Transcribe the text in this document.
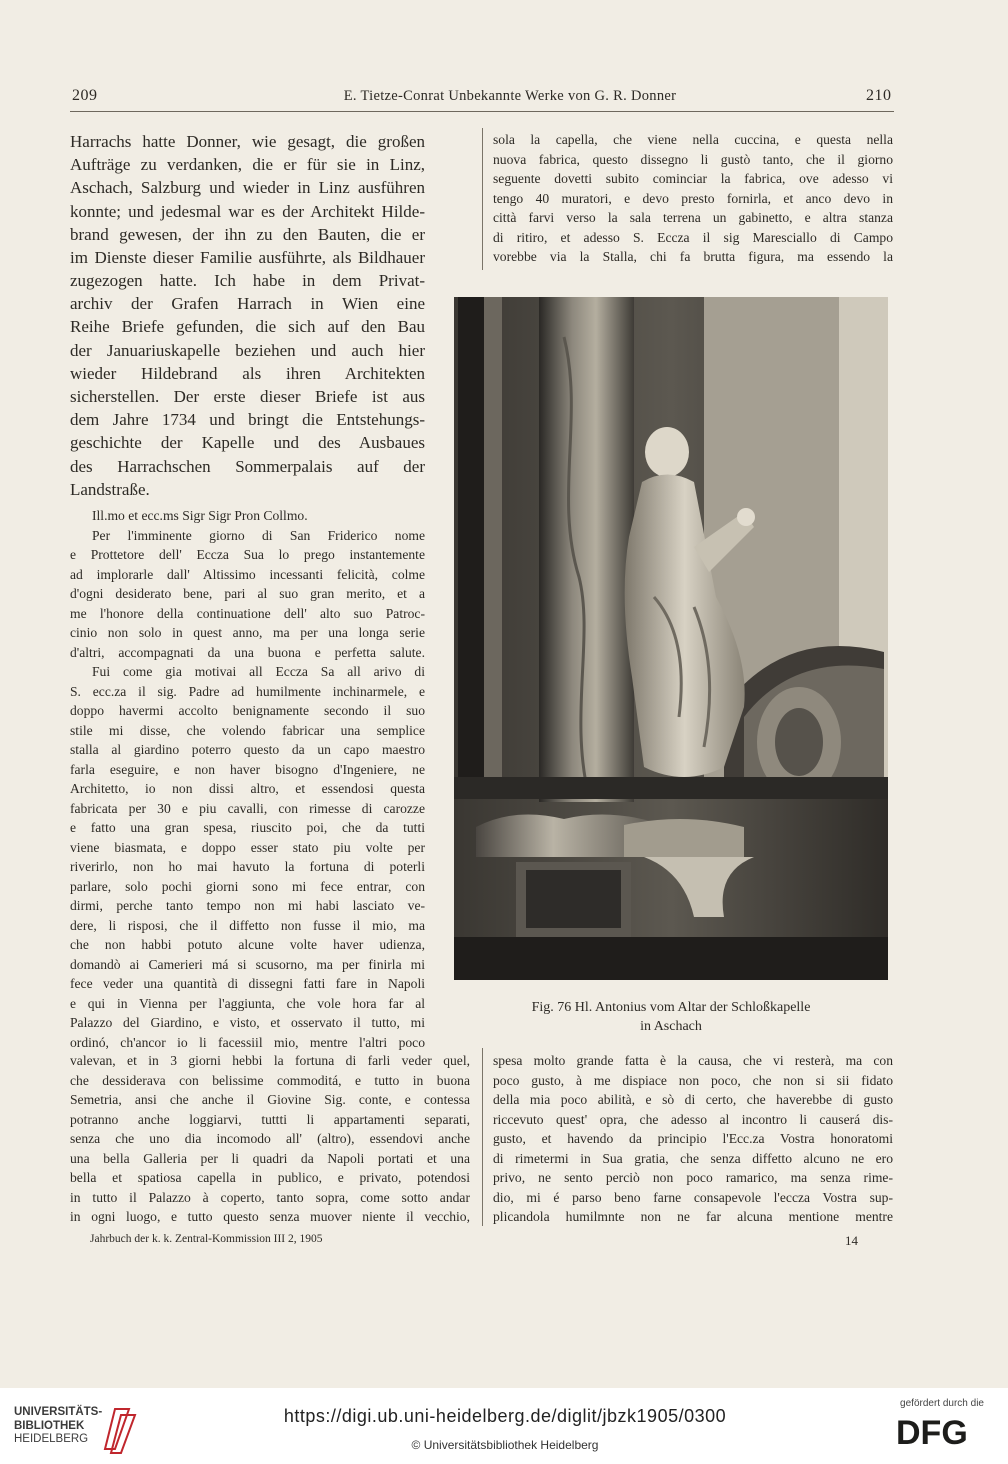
209	E. Tietze-Conrat Unbekannte Werke von G. R. Donner	210

Harrachs hatte Donner, wie gesagt, die großen

Aufträge zu verdanken, die er für sie in Linz,

Aschach, Salzburg und wieder in Linz ausführen

konnte; und jedesmal war es der Architekt Hilde-

brand gewesen, der ihn zu den Bauten, die er

im Dienste dieser Familie ausführte, als Bildhauer

zugezogen hatte. Ich habe in dem Privat-

archiv der Grafen Harrach in Wien eine

Reihe Briefe gefunden, die sich auf den Bau

der Januariuskapelle beziehen und auch hier

wieder Hildebrand als ihren Architekten

sicherstellen. Der erste dieser Briefe ist aus

dem Jahre 1734 und bringt die Entstehungs-

geschichte der Kapelle und des Ausbaues

des Harrachschen Sommerpalais auf der

Landstraße.

Ill.mo et ecc.ms Sigr Sigr Pron Collmo.

Per l'imminente giorno di San Friderico nome

e Prottetore dell' Eccza Sua lo prego instantemente

ad implorarle dall' Altissimo incessanti felicità, colme

d'ogni desiderato bene, pari al suo gran merito, et a

me l'honore della continuatione dell' alto suo Patroc-

cinio non solo in quest anno, ma per una longa serie

d'altri, accompagnati da una buona e perfetta salute.

Fui come gia motivai all Eccza Sa all arivo di

S. ecc.za il sig. Padre ad humilmente inchinarmele, e

doppo havermi accolto benignamente secondo il suo

stile mi disse, che volendo fabricar una semplice

stalla al giardino poterro questo da un capo maestro

farla eseguire, e non haver bisogno d'Ingeniere, ne

Architetto, io non dissi altro, et essendosi questa

fabricata per 30 e piu cavalli, con rimesse di carozze

e fatto una gran spesa, riuscito poi, che da tutti

viene biasmata, e doppo esser stato piu volte per

riverirlo, non ho mai havuto la fortuna di poterli

parlare, solo pochi giorni sono mi fece entrar, con

dirmi, perche tanto tempo non mi habi lasciato ve-

dere, li risposi, che il diffetto non fusse il mio, ma

che non habbi potuto alcune volte haver udienza,

domandò ai Camerieri má si scusorno, ma per finirla mi

fece veder una quantità di dissegni fatti fare in Napoli

e qui in Vienna per l'aggiunta, che vole hora far al

Palazzo del Giardino, e visto, et osservato il tutto, mi

ordinó, ch'ancor io li facessiil mio, mentre l'altri poco

valevan, et in 3 giorni hebbi la fortuna di farli veder quel,

che dessiderava con belissime commoditá, e tutto in buona

Semetria, ansi che anche il Giovine Sig. conte, e contessa

potranno anche loggiarvi, tuttti li appartamenti separati,

senza che uno dia incomodo all' (altro), essendovi anche

una bella Galleria per li quadri da Napoli portati et una

bella et spatiosa capella in publico, e privato, potendosi

in tutto il Palazzo à coperto, tanto sopra, come sotto andar

in ogni luogo, e tutto questo senza muover niente il vecchio,

sola la capella, che viene nella cuccina, e questa nella

nuova fabrica, questo dissegno li gustò tanto, che il giorno

seguente dovetti subito cominciar la fabrica, ove adesso vi

tengo 40 muratori, e devo presto fornirla, et anco devo in

città farvi verso la sala terrena un gabinetto, e altra stanza

di ritiro, et adesso S. Eccza il sig Maresciallo di Campo

vorebbe via la Stalla, chi fa brutta figura, ma essendo la

Fig. 76 Hl. Antonius vom Altar der Schloßkapelle
in Aschach

spesa molto grande fatta è la causa, che vi resterà, ma con

poco gusto, à me dispiace non poco, che non si sii fidato

della mia poco abilità, e sò di certo, che haverebbe di gusto

riccevuto quest' opra, che adesso al incontro li causerá dis-

gusto, et havendo da principio l'Ecc.za Vostra honoratomi

di rimetermi in Sua gratia, che senza diffetto alcuno ne ero

privo, ne sento perciò non poco ramarico, ma senza rime-

dio, mi é parso beno farne consapevole l'eccza Vostra sup-

plicandola humilmnte non ne far alcuna mentione mentre

Jahrbuch der k. k. Zentral-Kommission III 2, 1905	14
UNIVERSITÄTS-
BIBLIOTHEK
HEIDELBERG
https://digi.ub.uni-heidelberg.de/diglit/jbzk1905/0300
© Universitätsbibliothek Heidelberg
gefördert durch die
DFG
